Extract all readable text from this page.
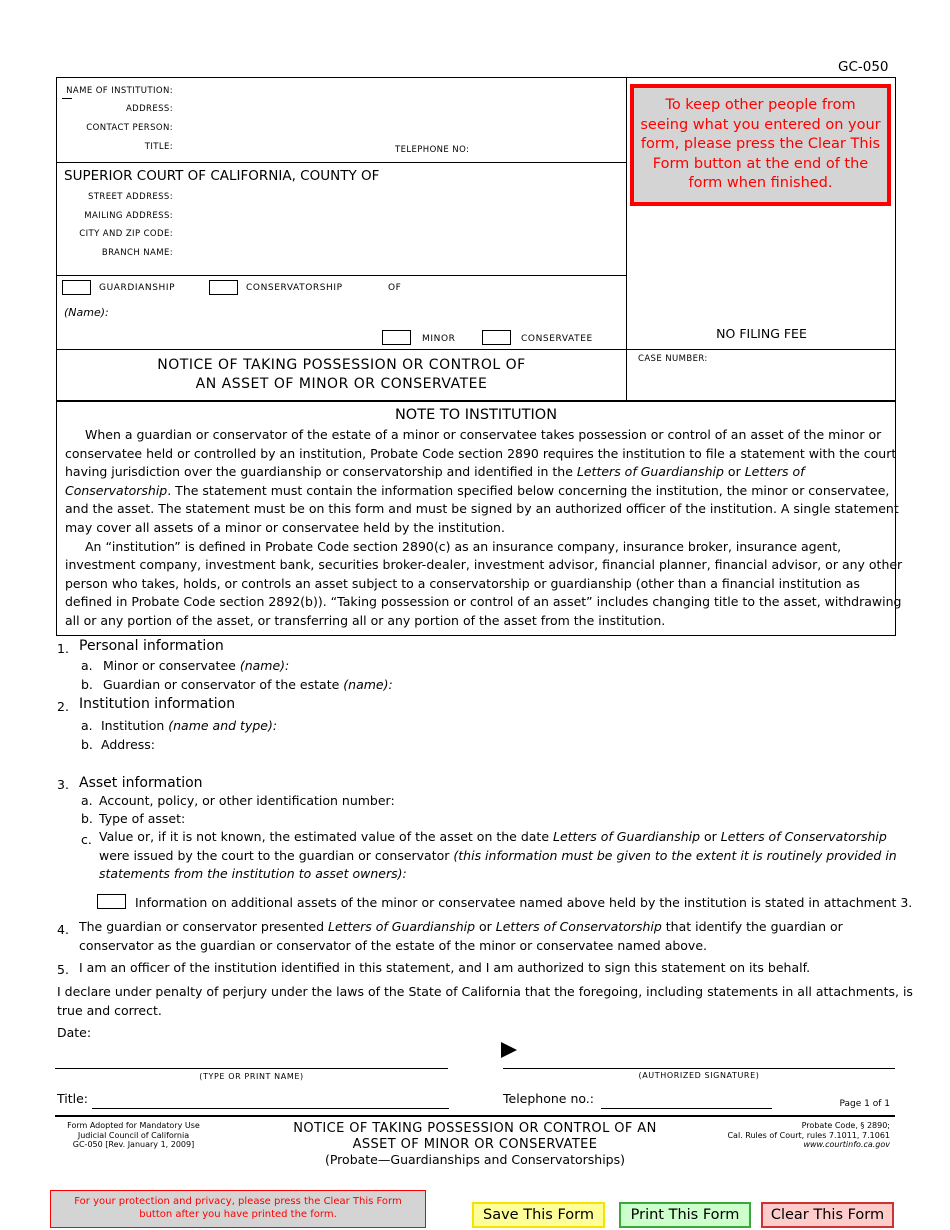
GC-050
NAME OF INSTITUTION:
ADDRESS:
CONTACT PERSON:
TITLE:	TELEPHONE NO:
SUPERIOR COURT OF CALIFORNIA, COUNTY OF
STREET ADDRESS:
MAILING ADDRESS:
CITY AND ZIP CODE:
BRANCH NAME:
GUARDIANSHIP	CONSERVATORSHIP	OF
(Name):
MINOR	CONSERVATEE
To keep other people from seeing what you entered on your form, please press the Clear This Form button at the end of the form when finished.
NO FILING FEE
CASE NUMBER:
NOTICE OF TAKING POSSESSION OR CONTROL OF
AN ASSET OF MINOR OR CONSERVATEE
NOTE TO INSTITUTION
When a guardian or conservator of the estate of a minor or conservatee takes possession or control of an asset of the minor or
conservatee held or controlled by an institution, Probate Code section 2890 requires the institution to file a statement with the court
having jurisdiction over the guardianship or conservatorship and identified in the Letters of Guardianship or Letters of
Conservatorship. The statement must contain the information specified below concerning the institution, the minor or conservatee,
and the asset. The statement must be on this form and must be signed by an authorized officer of the institution. A single statement
may cover all assets of a minor or conservatee held by the institution.
An “institution” is defined in Probate Code section 2890(c) as an insurance company, insurance broker, insurance agent,
investment company, investment bank, securities broker-dealer, investment advisor, financial planner, financial advisor, or any other
person who takes, holds, or controls an asset subject to a conservatorship or guardianship (other than a financial institution as
defined in Probate Code section 2892(b)). “Taking possession or control of an asset” includes changing title to the asset, withdrawing
all or any portion of the asset, or transferring all or any portion of the asset from the institution.
1. Personal information
a. Minor or conservatee (name):
b. Guardian or conservator of the estate (name):
2. Institution information
a. Institution (name and type):
b. Address:
3. Asset information
a. Account, policy, or other identification number:
b. Type of asset:
c. Value or, if it is not known, the estimated value of the asset on the date Letters of Guardianship or Letters of Conservatorship
were issued by the court to the guardian or conservator (this information must be given to the extent it is routinely provided in
statements from the institution to asset owners):
Information on additional assets of the minor or conservatee named above held by the institution is stated in attachment 3.
4. The guardian or conservator presented Letters of Guardianship or Letters of Conservatorship that identify the guardian or
conservator as the guardian or conservator of the estate of the minor or conservatee named above.
5. I am an officer of the institution identified in this statement, and I am authorized to sign this statement on its behalf.
I declare under penalty of perjury under the laws of the State of California that the foregoing, including statements in all attachments, is
true and correct.
Date:
(TYPE OR PRINT NAME)	(AUTHORIZED SIGNATURE)
Title:	Telephone no.:	Page 1 of 1
Form Adopted for Mandatory Use
Judicial Council of California
GC-050 [Rev. January 1, 2009]
NOTICE OF TAKING POSSESSION OR CONTROL OF AN
ASSET OF MINOR OR CONSERVATEE
(Probate—Guardianships and Conservatorships)
Probate Code, § 2890;
Cal. Rules of Court, rules 7.1011, 7.1061
www.courtinfo.ca.gov
For your protection and privacy, please press the Clear This Form button after you have printed the form.	Save This Form	Print This Form	Clear This Form
